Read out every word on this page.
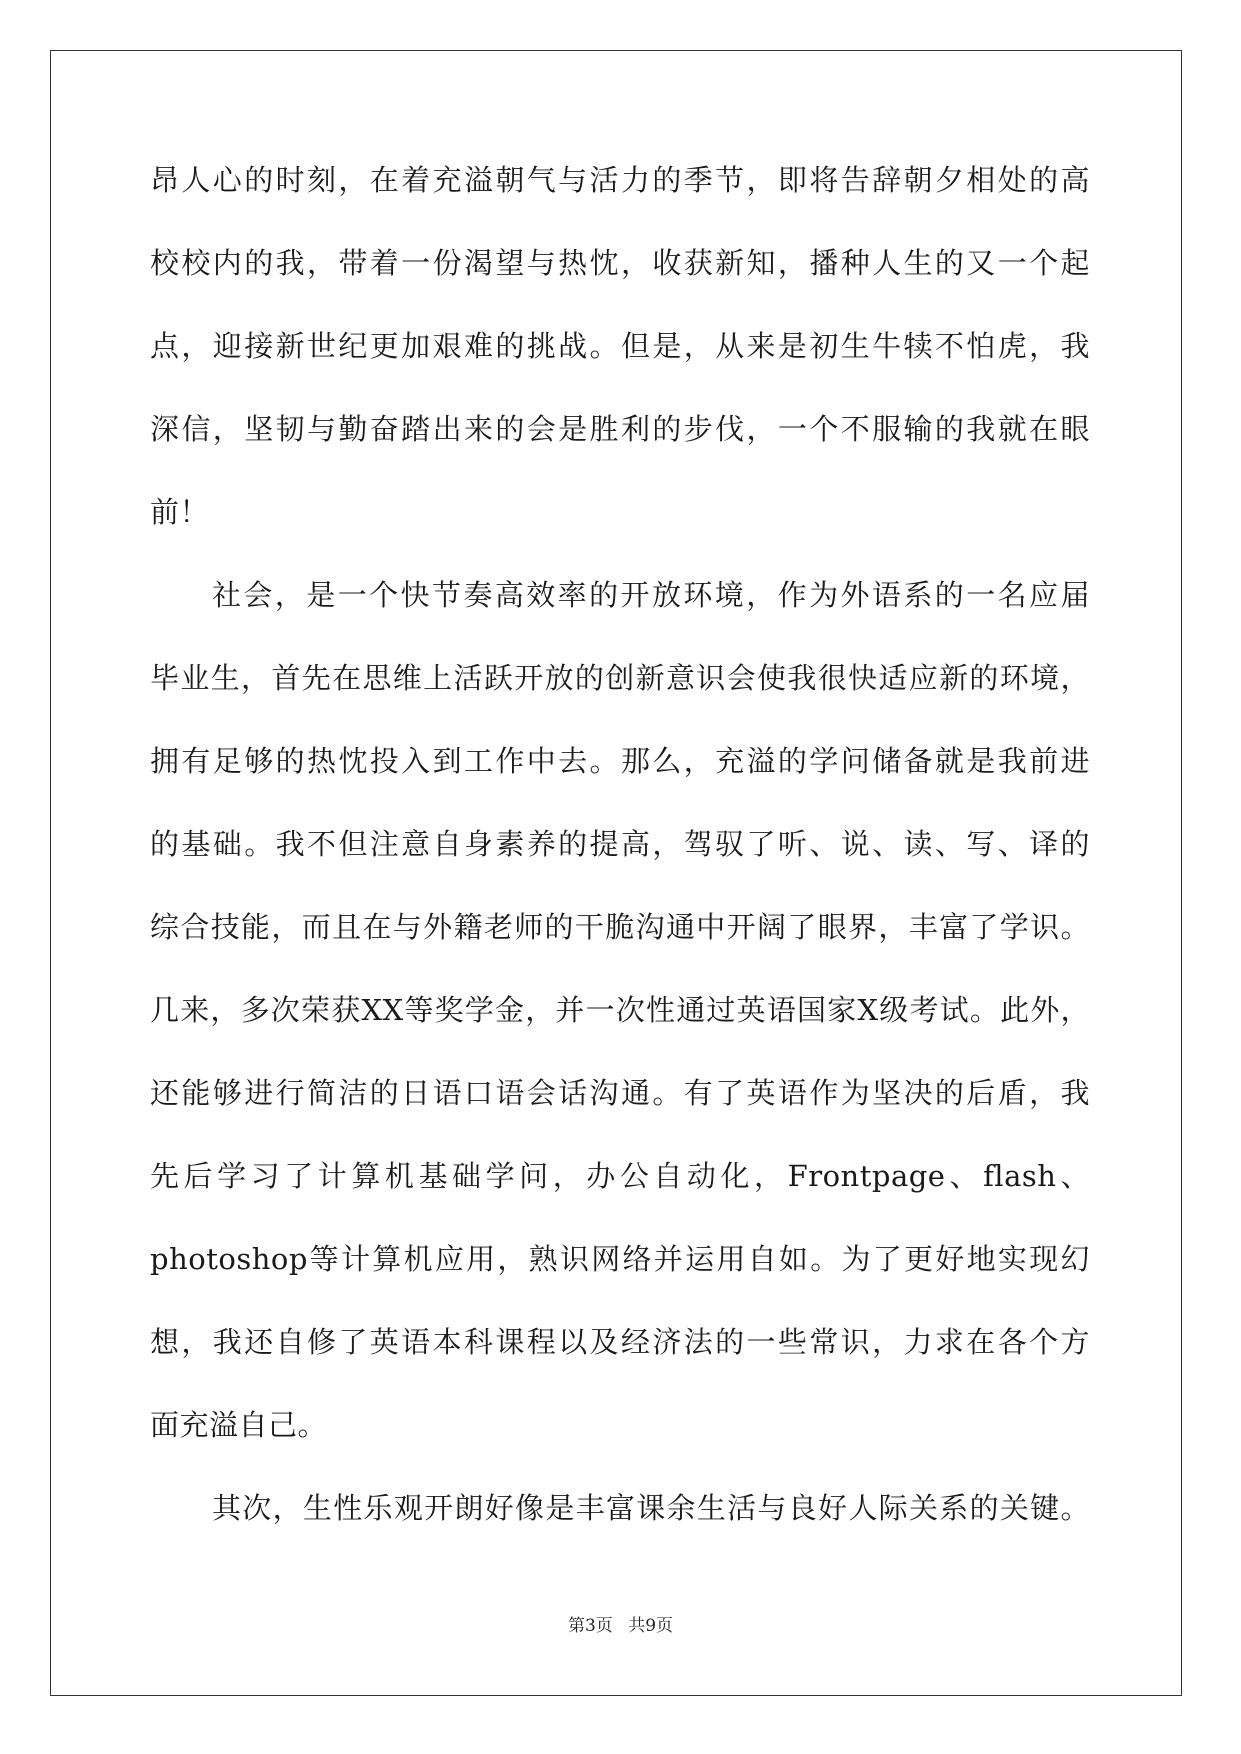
昂人心的时刻，在着充溢朝气与活力的季节，即将告辞朝夕相处的高
校校内的我，带着一份渴望与热忱，收获新知，播种人生的又一个起
点，迎接新世纪更加艰难的挑战。但是，从来是初生牛犊不怕虎，我
深信，坚韧与勤奋踏出来的会是胜利的步伐，一个不服输的我就在眼
前！
社会，是一个快节奏高效率的开放环境，作为外语系的一名应届
毕业生，首先在思维上活跃开放的创新意识会使我很快适应新的环境，
拥有足够的热忱投入到工作中去。那么，充溢的学问储备就是我前进
的基础。我不但注意自身素养的提高，驾驭了听、说、读、写、译的
综合技能，而且在与外籍老师的干脆沟通中开阔了眼界，丰富了学识。
几来，多次荣获XX等奖学金，并一次性通过英语国家X级考试。此外，
还能够进行简洁的日语口语会话沟通。有了英语作为坚决的后盾，我
先后学习了计算机基础学问，办公自动化，Frontpage、flash、
photoshop等计算机应用，熟识网络并运用自如。为了更好地实现幻
想，我还自修了英语本科课程以及经济法的一些常识，力求在各个方
面充溢自己。
其次，生性乐观开朗好像是丰富课余生活与良好人际关系的关键。
第3页 共9页
